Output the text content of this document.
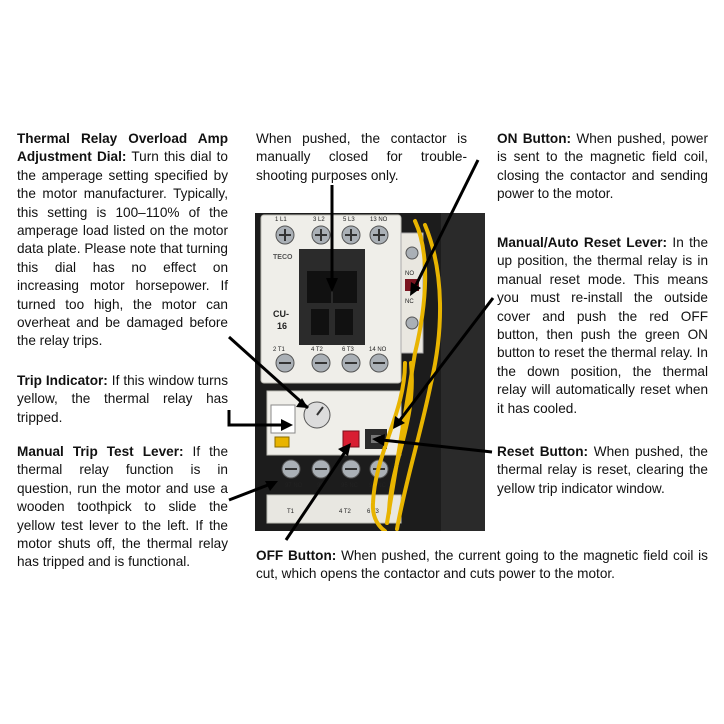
Thermal Relay Overload Amp Adjustment Dial: Turn this dial to the amperage setting specified by the motor manufacturer. Typically, this setting is 100–110% of the amperage load listed on the motor data plate. Please note that turning this dial has no effect on increasing motor horsepower. If turned too high, the motor can overheat and be damaged before the relay trips.

When pushed, the contactor is manually closed for trouble-shooting purposes only.

ON Button: When pushed, power is sent to the magnetic field coil, closing the contactor and sending power to the motor.

Manual/Auto Reset Lever: In the up position, the thermal relay is in manual reset mode. This means you must re-install the outside cover and push the red OFF button, then push the green ON button to reset the thermal relay. In the down position, the thermal relay will automatically reset when it has cooled.

Trip Indicator: If this window turns yellow, the thermal relay has tripped.

Manual Trip Test Lever: If the thermal relay function is in question, run the motor and use a wooden toothpick to slide the yellow test lever to the left. If the motor shuts off, the thermal relay has tripped and is functional.

Reset Button: When pushed, the thermal relay is reset, clearing the yellow trip indicator window.

OFF Button: When pushed, the current going to the magnetic field coil is cut, which opens the contactor and cuts power to the motor.

1 L1	3 L2	5 L3	13 NO
TECO
CU-
16
2 T1	4 T2	6 T3	14 NO
NO
NC
97 NO 98	95 NC 96 NC
T1	4 T2	6 T3
